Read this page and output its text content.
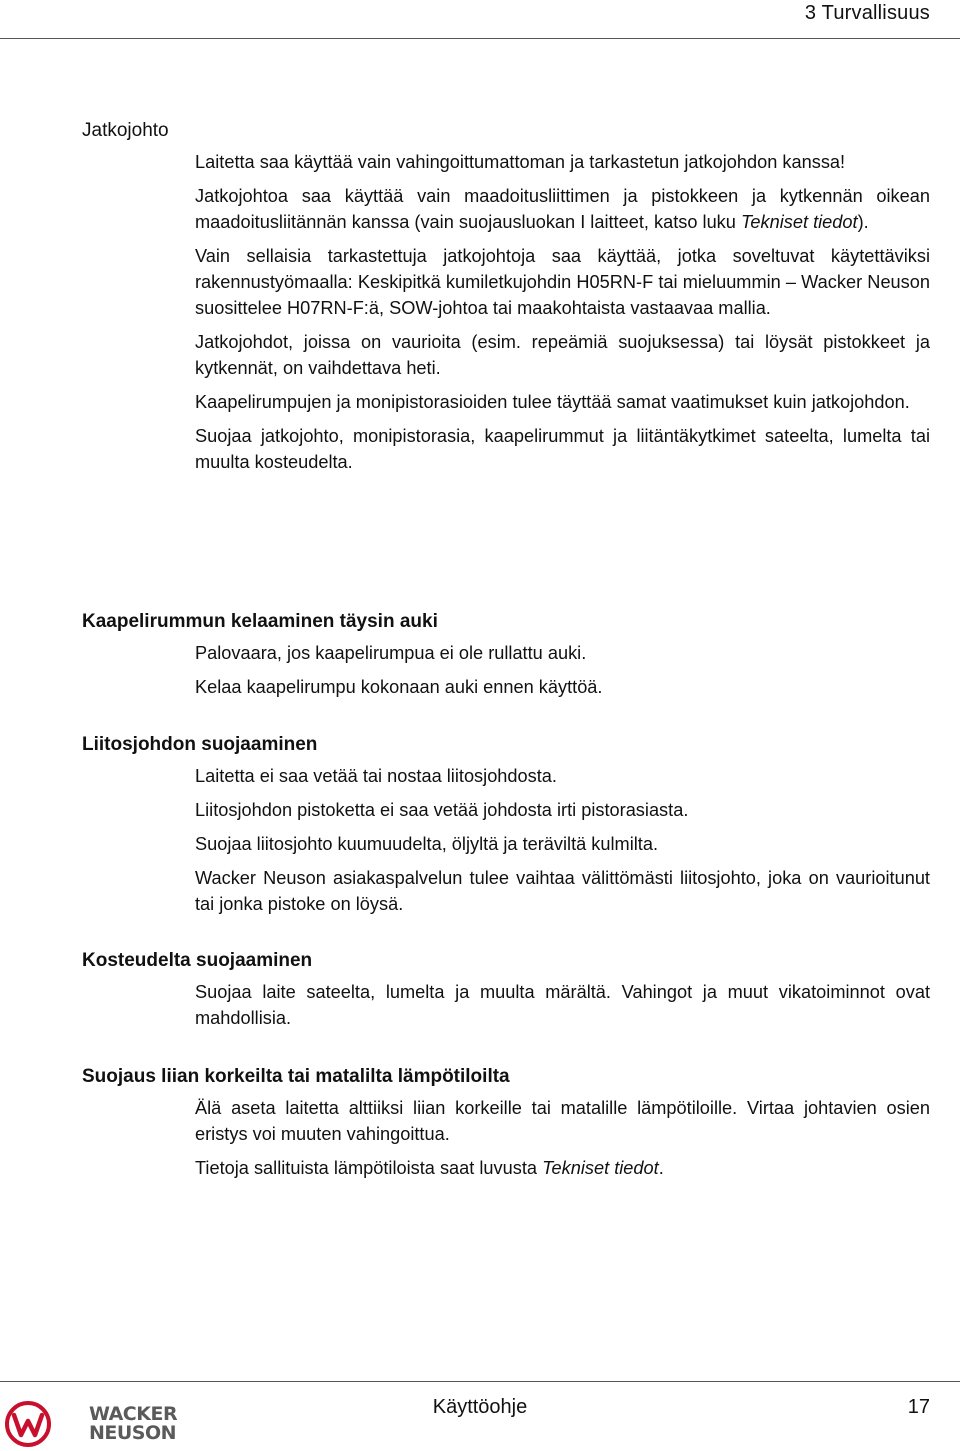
3 Turvallisuus
Jatkojohto

Laitetta saa käyttää vain vahingoittumattoman ja tarkastetun jatkojohdon kanssa!

Jatkojohtoa saa käyttää vain maadoitusliittimen ja pistokkeen ja kytkennän oikean maadoitusliitännän kanssa (vain suojausluokan I laitteet, katso luku Tekniset tiedot).

Vain sellaisia tarkastettuja jatkojohtoja saa käyttää, jotka soveltuvat käytettäviksi rakennustyömaalla: Keskipitkä kumiletkujohdin H05RN-F tai mieluummin – Wacker Neuson suosittelee H07RN-F:ä, SOW-johtoa tai maakohtaista vastaavaa mallia.

Jatkojohdot, joissa on vaurioita (esim. repeämiä suojuksessa) tai löysät pistokkeet ja kytkennät, on vaihdettava heti.

Kaapelirumpujen ja monipistorasioiden tulee täyttää samat vaatimukset kuin jatkojohdon.

Suojaa jatkojohto, monipistorasia, kaapelirummut ja liitäntäkytkimet sateelta, lumelta tai muulta kosteudelta.

Kaapelirummun kelaaminen täysin auki

Palovaara, jos kaapelirumpua ei ole rullattu auki.

Kelaa kaapelirumpu kokonaan auki ennen käyttöä.

Liitosjohdon suojaaminen

Laitetta ei saa vetää tai nostaa liitosjohdosta.

Liitosjohdon pistoketta ei saa vetää johdosta irti pistorasiasta.

Suojaa liitosjohto kuumuudelta, öljyltä ja teräviltä kulmilta.

Wacker Neuson asiakaspalvelun tulee vaihtaa välittömästi liitosjohto, joka on vaurioitunut tai jonka pistoke on löysä.

Kosteudelta suojaaminen

Suojaa laite sateelta, lumelta ja muulta märältä. Vahingot ja muut vikatoiminnot ovat mahdollisia.

Suojaus liian korkeilta tai matalilta lämpötiloilta

Älä aseta laitetta alttiiksi liian korkeille tai matalille lämpötiloille. Virtaa johtavien osien eristys voi muuten vahingoittua.

Tietoja sallituista lämpötiloista saat luvusta Tekniset tiedot.

WACKER
NEUSON
Käyttöohje	17
